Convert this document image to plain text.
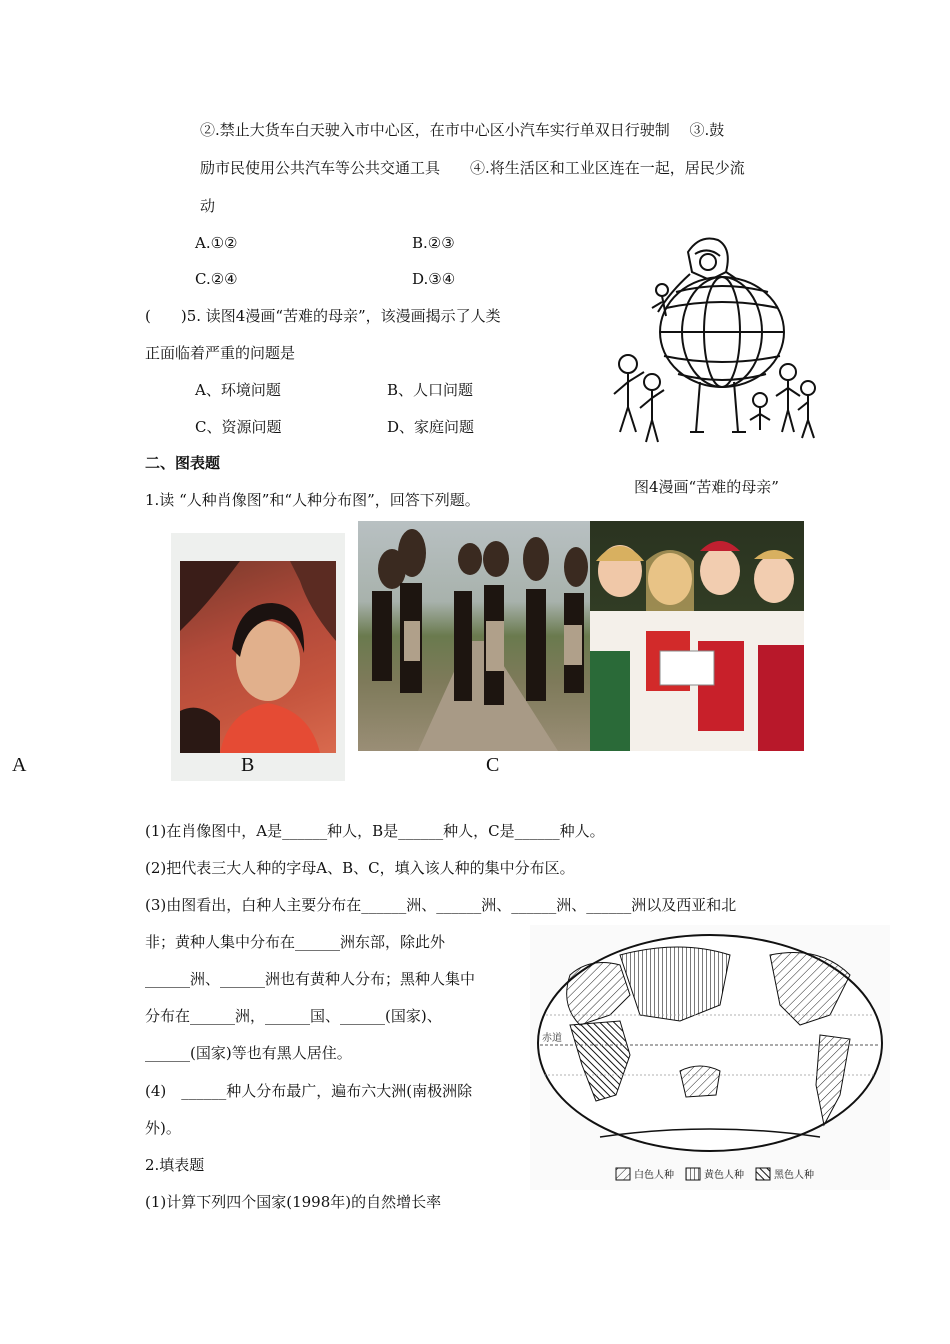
②.禁止大货车白天驶入市中心区，在市中心区小汽车实行单双日行驶制　 ③.鼓
励市民使用公共汽车等公共交通工具　　④.将生活区和工业区连在一起，居民少流
动
A.①②	B.②③
C.②④	D.③④
(　　)5. 读图4漫画“苦难的母亲”，该漫画揭示了人类
正面临着严重的问题是
A、环境问题	B、人口问题
C、资源问题	D、家庭问题
图4漫画“苦难的母亲”
二、图表题
1.读 “人种肖像图”和“人种分布图”，回答下列题。
A	B	C
(1)在肖像图中，A是______种人，B是______种人，C是______种人。
(2)把代表三大人种的字母A、B、C，填入该人种的集中分布区。
(3)由图看出，白种人主要分布在______洲、______洲、______洲、______洲以及西亚和北
非；黄种人集中分布在______洲东部，除此外
______洲、______洲也有黄种人分布；黑种人集中
分布在______洲，______国、______(国家)、
______(国家)等也有黑人居住。
(4)　______种人分布最广，遍布六大洲(南极洲除
外)。
2.填表题
(1)计算下列四个国家(1998年)的自然增长率
赤道
白色人种	黄色人种	黑色人种
